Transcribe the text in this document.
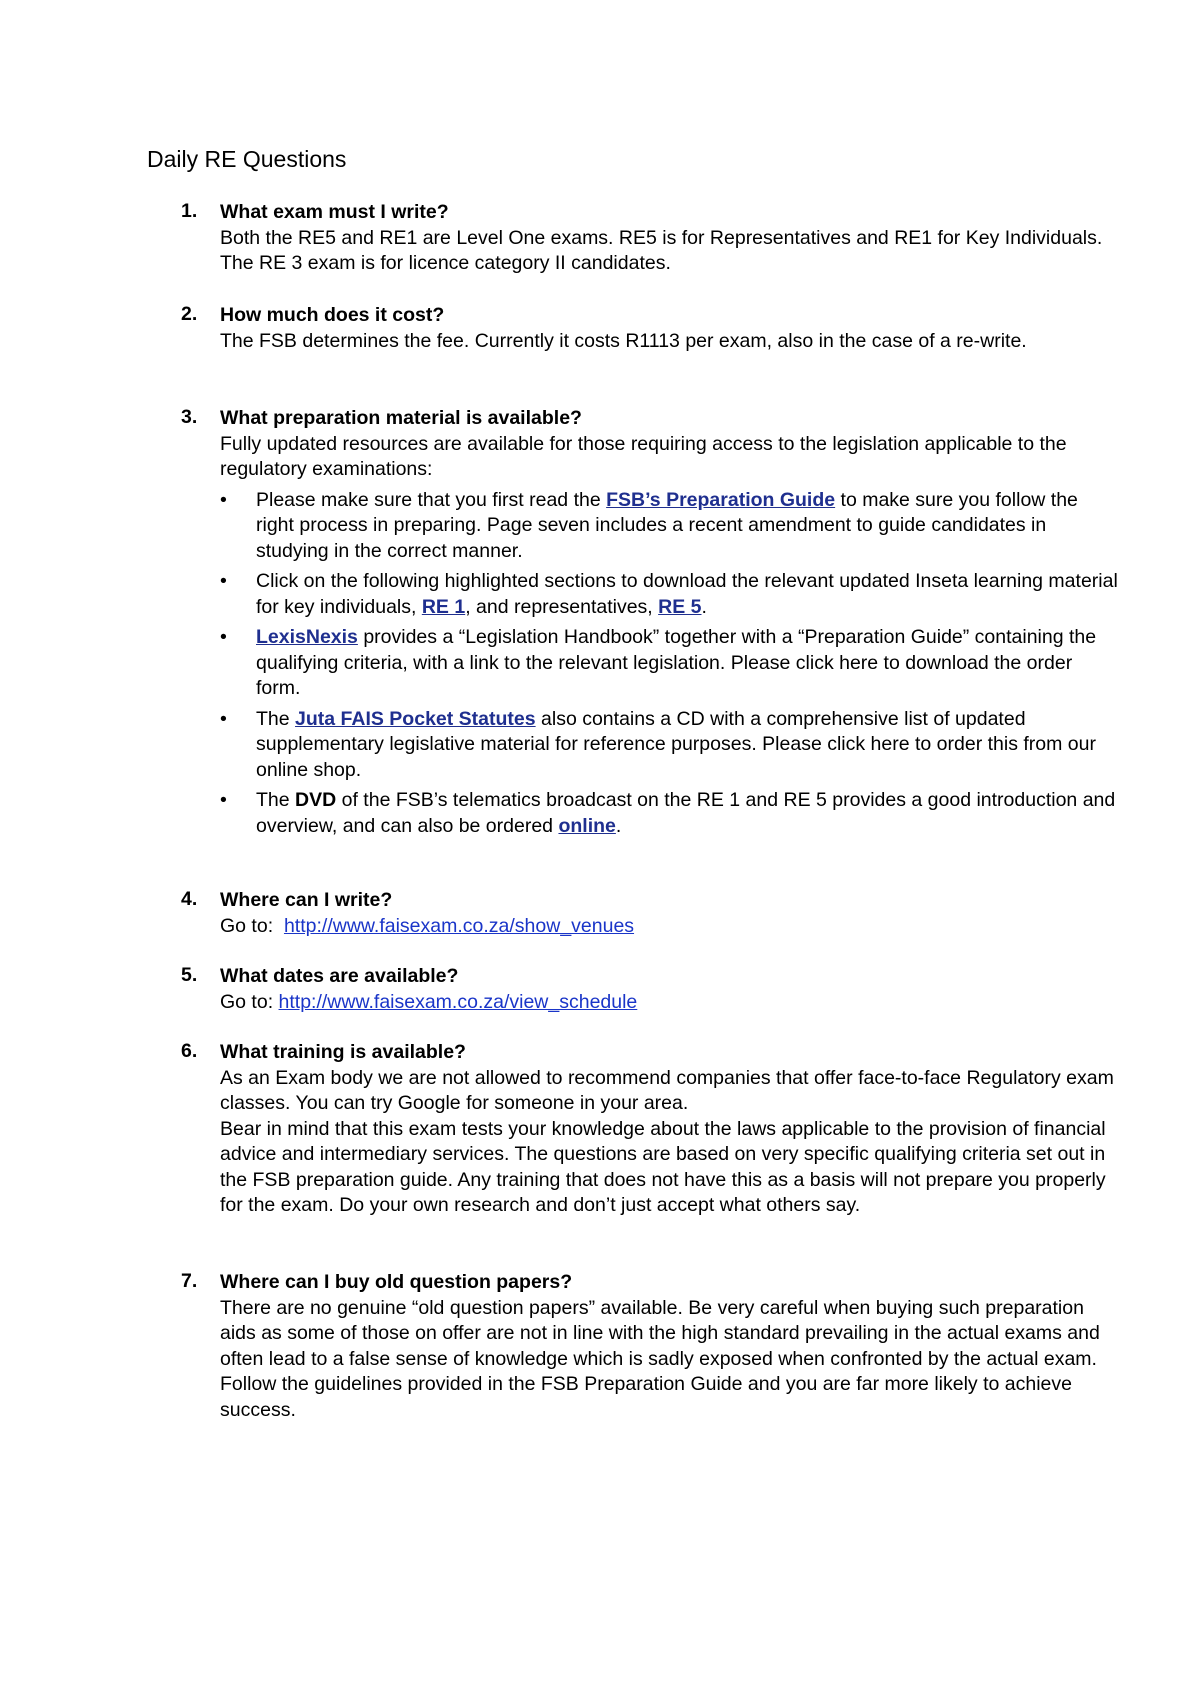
Daily RE Questions
1. What exam must I write?
Both the RE5 and RE1 are Level One exams. RE5 is for Representatives and RE1 for Key Individuals. The RE 3 exam is for licence category II candidates.
2. How much does it cost?
The FSB determines the fee. Currently it costs R1113 per exam, also in the case of a re-write.
3. What preparation material is available?
Fully updated resources are available for those requiring access to the legislation applicable to the regulatory examinations:
• Please make sure that you first read the FSB’s Preparation Guide to make sure you follow the right process in preparing. Page seven includes a recent amendment to guide candidates in studying in the correct manner.
• Click on the following highlighted sections to download the relevant updated Inseta learning material for key individuals, RE 1, and representatives, RE 5.
• LexisNexis provides a “Legislation Handbook” together with a “Preparation Guide” containing the qualifying criteria, with a link to the relevant legislation. Please click here to download the order form.
• The Juta FAIS Pocket Statutes also contains a CD with a comprehensive list of updated supplementary legislative material for reference purposes. Please click here to order this from our online shop.
• The DVD of the FSB’s telematics broadcast on the RE 1 and RE 5 provides a good introduction and overview, and can also be ordered online.
4. Where can I write?
Go to:  http://www.faisexam.co.za/show_venues
5. What dates are available?
Go to: http://www.faisexam.co.za/view_schedule
6. What training is available?
As an Exam body we are not allowed to recommend companies that offer face-to-face Regulatory exam classes. You can try Google for someone in your area.
Bear in mind that this exam tests your knowledge about the laws applicable to the provision of financial advice and intermediary services. The questions are based on very specific qualifying criteria set out in the FSB preparation guide. Any training that does not have this as a basis will not prepare you properly for the exam. Do your own research and don’t just accept what others say.
7. Where can I buy old question papers?
There are no genuine “old question papers” available. Be very careful when buying such preparation aids as some of those on offer are not in line with the high standard prevailing in the actual exams and often lead to a false sense of knowledge which is sadly exposed when confronted by the actual exam. Follow the guidelines provided in the FSB Preparation Guide and you are far more likely to achieve success.
